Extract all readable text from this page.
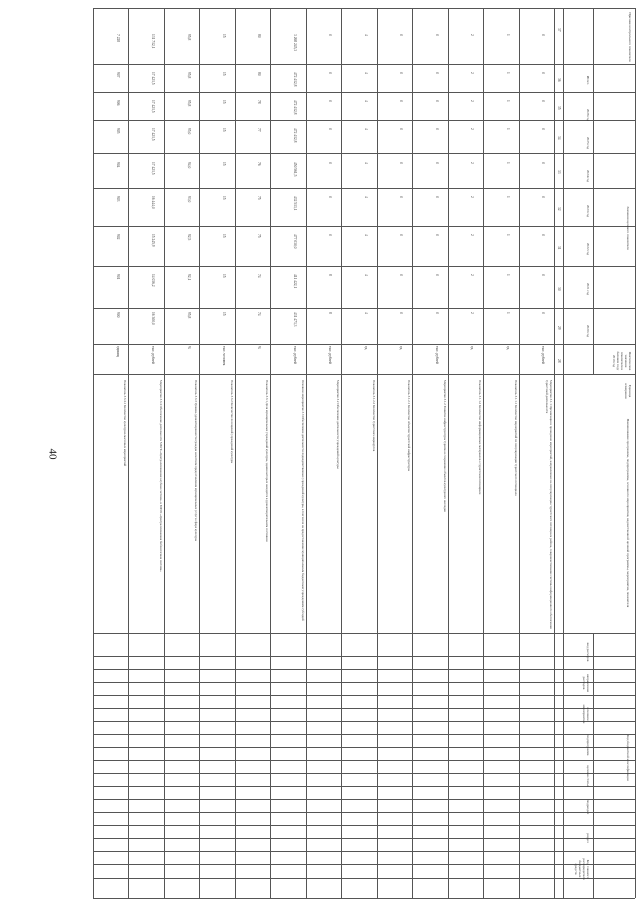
40
Признак контрольного показателя
Значения целевого показателя
2020 год
2021 год
2022 год
2023 год
2024 год
2025 год
2026 год
Итого
Фактическое значение показателя в базовом году 2019 год
Единица измерения
Наименование программы, подпрограммы, основного мероприятия, ведомственной целевой программы, мероприятия, показателя
Код бюджетной классификации
вид расходов
направление расходов
основное мероприятие
подпрограмма
целевая статья
подраздел
раздел
Код главного распорядителя бюджетных средств
37
36
35
34
33
32
31
30
29
28
Мероприятие 3.1.1 Организация и проведение мероприятий, направленных на популяризацию туристского потенциала района, совершенствование системы информационного обеспечения туристской деятельности
тыс. рублей
0
0
0
0
0
0
0
0
0
Показатель 3.1.1.1 Количество мероприятий по популяризации туристского потенциала
ед.
1
1
1
1
1
1
1
1
1
Показатель 3.1.1.2 Количество информационных материалов о туристском потенциале
ед.
2
2
2
2
2
2
2
2
2
Мероприятие 3.1.2 Развитие инфраструктуры туризма и сохранение объектов культурного наследия
тыс. рублей
0
0
0
0
0
0
0
0
0
Показатель 3.1.2.1 Количество объектов туристской инфраструктуры
ед.
0
0
0
0
0
0
0
0
0
Показатель 3.1.2.2 Количество туристских маршрутов
ед.
4
4
4
4
4
4
4
4
4
Мероприятие 3.2 Обеспечение деятельности учреждений культуры
тыс. рублей
8
8
0
0
0
0
0
0
0
Основное мероприятие 3.3 Обеспечение деятельности подведомственных учреждений культуры, в том числе на предоставление муниципальным бюджетным учреждениям субсидий
тыс. рублей
431 473,3
411 422,1
477 030,0
432 513,1
450 561,5
472 412,8
472 412,8
472 412,8
3 268 245,3
Показатель 3.3.1 Доля муниципальных учреждений культуры, здания которых находятся в удовлетворительном состоянии
%
74
74
75
75
76
77
78
80
80
Показатель 3.3.2 Количество посещений учреждений культуры
тыс. человек
15
15
15
15
15
15
15
15
15
Показатель 3.3.3 Уровень удовлетворенности граждан качеством предоставления муниципальных услуг в сфере культуры
%
95,8
92,1
92,5
93,0
94,0
95,0
95,8
95,8
95,8
Мероприятие 3.3.4 Обеспечение деятельности МБУК «Централизованная клубная система» и МБУК «Централизованная библиотечная система»
тыс. рублей
16 300,0
14 036,2
15 245,9
16 444,0
17 421,5
17 421,5
17 421,5
17 421,5
131 712,1
Показатель 3.3.4.1 Количество культурно-массовых мероприятий
единиц
900
901
902
903
904
905
906
907
7 228
